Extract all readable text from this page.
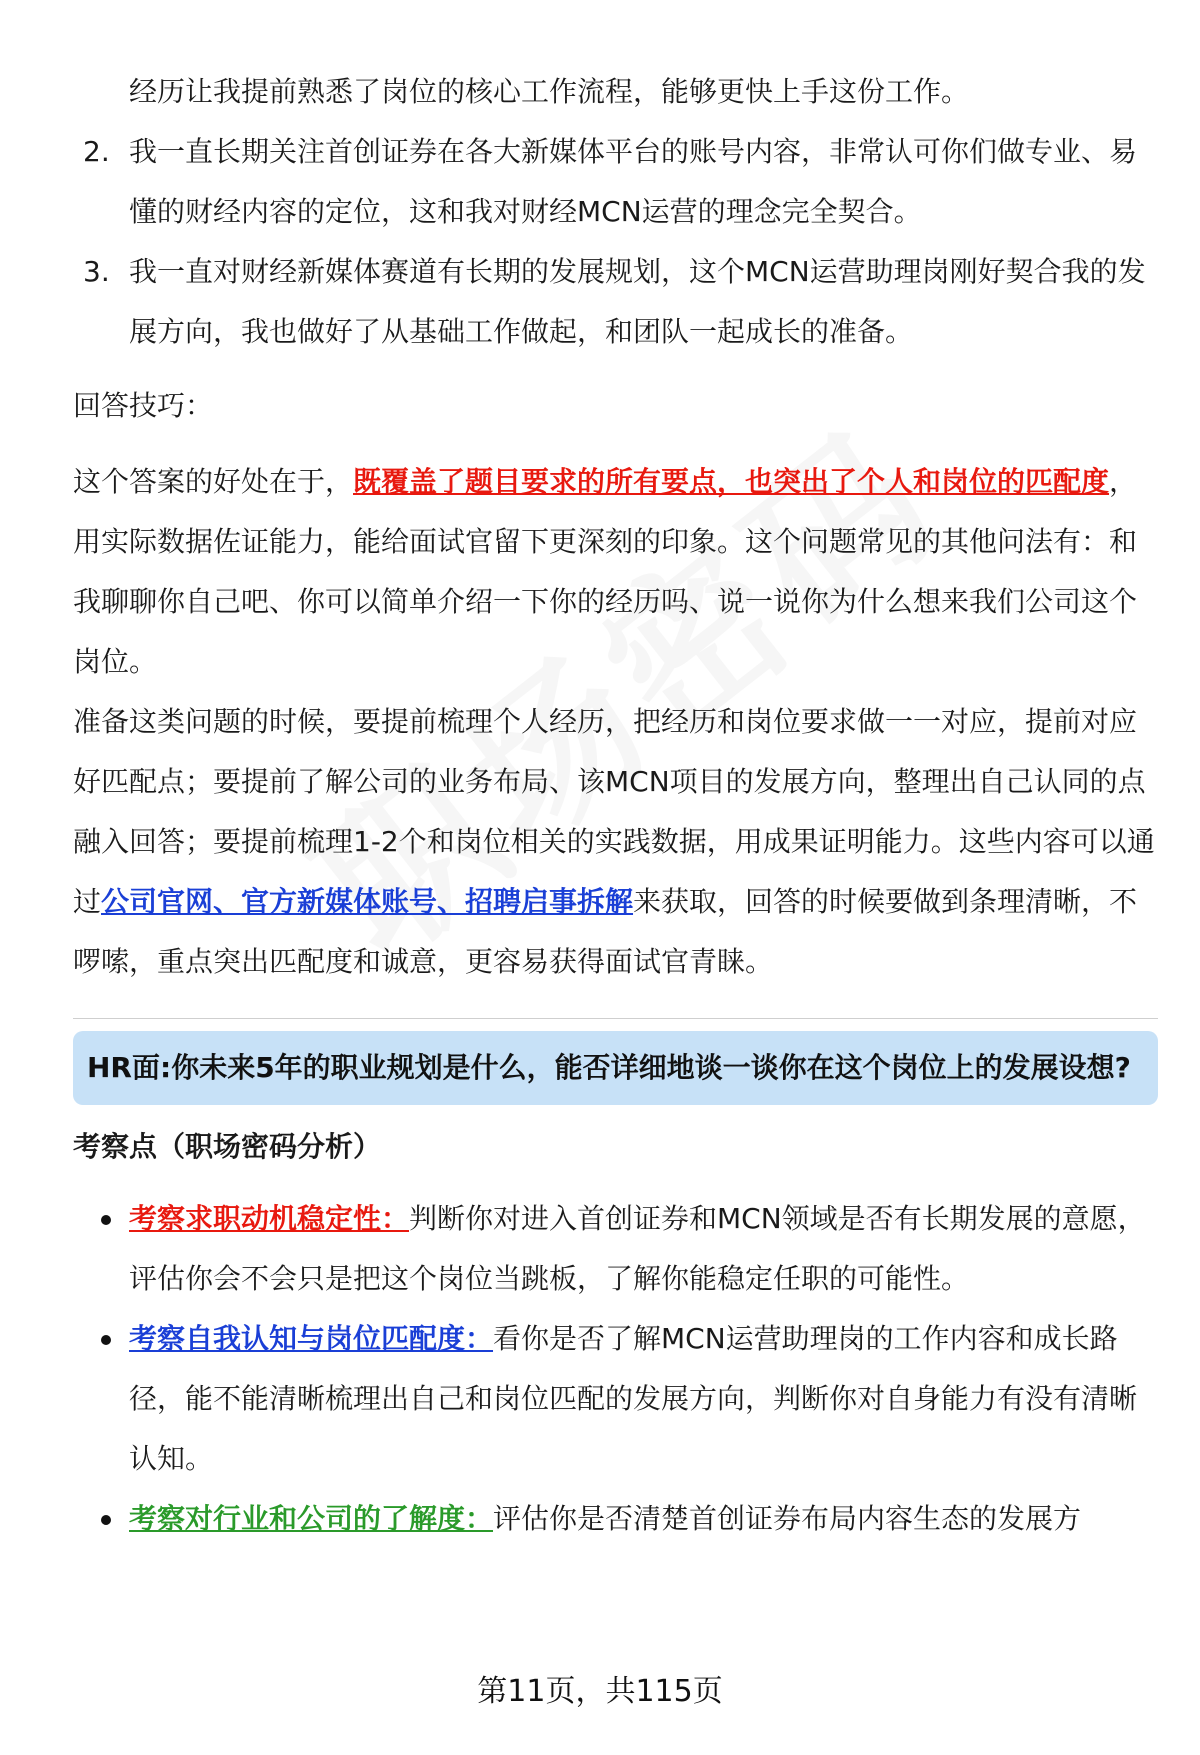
经历让我提前熟悉了岗位的核心工作流程，能够更快上手这份工作。
2. 我一直长期关注首创证券在各大新媒体平台的账号内容，非常认可你们做专业、易懂的财经内容的定位，这和我对财经MCN运营的理念完全契合。
3. 我一直对财经新媒体赛道有长期的发展规划，这个MCN运营助理岗刚好契合我的发展方向，我也做好了从基础工作做起，和团队一起成长的准备。
回答技巧：

这个答案的好处在于，既覆盖了题目要求的所有要点，也突出了个人和岗位的匹配度，用实际数据佐证能力，能给面试官留下更深刻的印象。这个问题常见的其他问法有：和我聊聊你自己吧、你可以简单介绍一下你的经历吗、说一说你为什么想来我们公司这个岗位。

准备这类问题的时候，要提前梳理个人经历，把经历和岗位要求做一一对应，提前对应好匹配点；要提前了解公司的业务布局、该MCN项目的发展方向，整理出自己认同的点融入回答；要提前梳理1-2个和岗位相关的实践数据，用成果证明能力。这些内容可以通过公司官网、官方新媒体账号、招聘启事拆解来获取，回答的时候要做到条理清晰，不啰嗦，重点突出匹配度和诚意，更容易获得面试官青睐。

HR面:你未来5年的职业规划是什么，能否详细地谈一谈你在这个岗位上的发展设想?
考察点（职场密码分析）
考察求职动机稳定性：判断你对进入首创证券和MCN领域是否有长期发展的意愿，评估你会不会只是把这个岗位当跳板，了解你能稳定任职的可能性。
考察自我认知与岗位匹配度：看你是否了解MCN运营助理岗的工作内容和成长路径，能不能清晰梳理出自己和岗位匹配的发展方向，判断你对自身能力有没有清晰认知。
考察对行业和公司的了解度：评估你是否清楚首创证券布局内容生态的发展方
第11页，共115页
